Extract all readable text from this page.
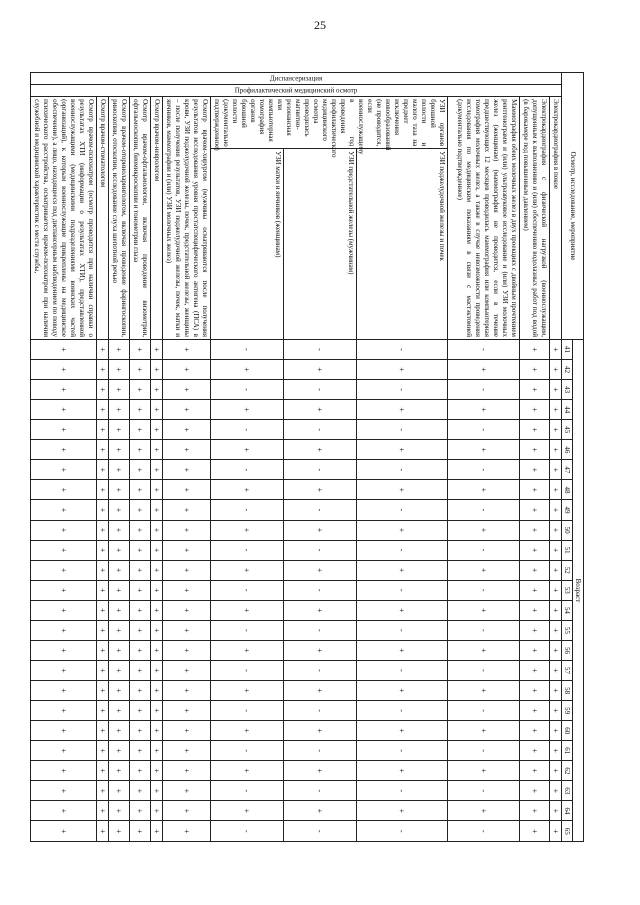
25
Осмотр, исследование, мероприятие				Возраст																								
				41	42	43	44	45	46	47	48	49	50	51	52	53	54	55	56	57	58	59	60	61	62	63	64	65

Диспансеризация	Профилактический медицинский осмотр	Электрокардиография в покое		+	+	+	+	+	+	+	+	+	+	+	+	+	+	+	+	+	+	+	+	+	+	+	+	+
		Электрокардиография с физической нагрузкой (военнослужащим, допущенным к выполнению и (или) обеспечению водолазных работ под водой (в барокамере под повышенным давлением)		+	+	+	+	+	+	+	+	+	+	+	+	+	+	+	+	+	+	+	+	+	+	+	+	+
		Маммография обеих молочных желез в двух проекциях с двойным прочтением рентгенограмм и (или) ультразвуковое исследование и (или) УЗИ молочных желез (женщинам) (маммография не проводится, если в течение предшествующих 12 месяцев проводилась маммография или компьютерная томография молочных желез, а также в случае невозможности проведения исследования по медицинским показаниям в связи с мастэктомией (документально подтвержденное)		-	+	-	+	-	+	-	+	-	+	-	+	-	+	-	+	-	+	-	+	-	+	-	+	-
		УЗИ органов брюшной полости и малого таза на предмет исключения новообразований (не проводится, если военнослужащему в год проведения профилактического медицинского осмотра проводилась магнитно-резонансная или компьютерная томография органов брюшной полости (документально подтвержденное)	УЗИ поджелудочной железы и почек	-	+	-	+	-	+	-	+	-	+	-	+	-	+	-	+	-	+	-	+	-	+	-	+	-
			УЗИ предстательной железы (мужчинам)	-	+	-	+	-	+	-	+	-	+	-	+	-	+	-	+	-	+	-	+	-	+	-	+	-
			УЗИ матки и яичников (женщинам)	-	+	-	+	-	+	-	+	-	+	-	+	-	+	-	+	-	+	-	+	-	+	-	+	-
		Осмотр врачом-хирургом (мужчины осматриваются после получения результатов исследования уровня простатспецифического антигена (ПСА) в крови, УЗИ поджелудочной железы, почек, предстательной железы, женщины – после получения результатов, УЗИ поджелудочной железы, почек, матки и яичников, маммографии и (или) УЗИ молочных желез)		+	+	+	+	+	+	+	+	+	+	+	+	+	+	+	+	+	+	+	+	+	+	+	+	+
		Осмотр врачом-неврологом		+	+	+	+	+	+	+	+	+	+	+	+	+	+	+	+	+	+	+	+	+	+	+	+	+
		Осмотр врачом-офтальмологом, включая проведение визометрии, офтальмоскопии, биомикроскопии и тонометрии глаза		+	+	+	+	+	+	+	+	+	+	+	+	+	+	+	+	+	+	+	+	+	+	+	+	+
		Осмотр врачом-оториноларингологом, включая проведение фарингоскопии, риноскопии, отоскопии, исследование слуха шепотной речью		+	+	+	+	+	+	+	+	+	+	+	+	+	+	+	+	+	+	+	+	+	+	+	+	+
		Осмотр врачом-стоматологом		+	+	+	+	+	+	+	+	+	+	+	+	+	+	+	+	+	+	+	+	+	+	+	+	+
		Осмотр врачом-психиатром (осмотр проводится при наличии справки о результатах ХТИ (информации о результатах ХТИ), представленной военнослужащими (медицинскими подразделениями воинских частей (организаций), к которым военнослужащие прикреплены на медицинское обеспечение), а лицо, находящееся под диспансерным наблюдением по поводу психического расстройства, осматривается врачом-психиатром при наличии служебной и медицинской характеристик с места службы,		+	+	+	+	+	+	+	+	+	+	+	+	+	+	+	+	+	+	+	+	+	+	+	+	+
